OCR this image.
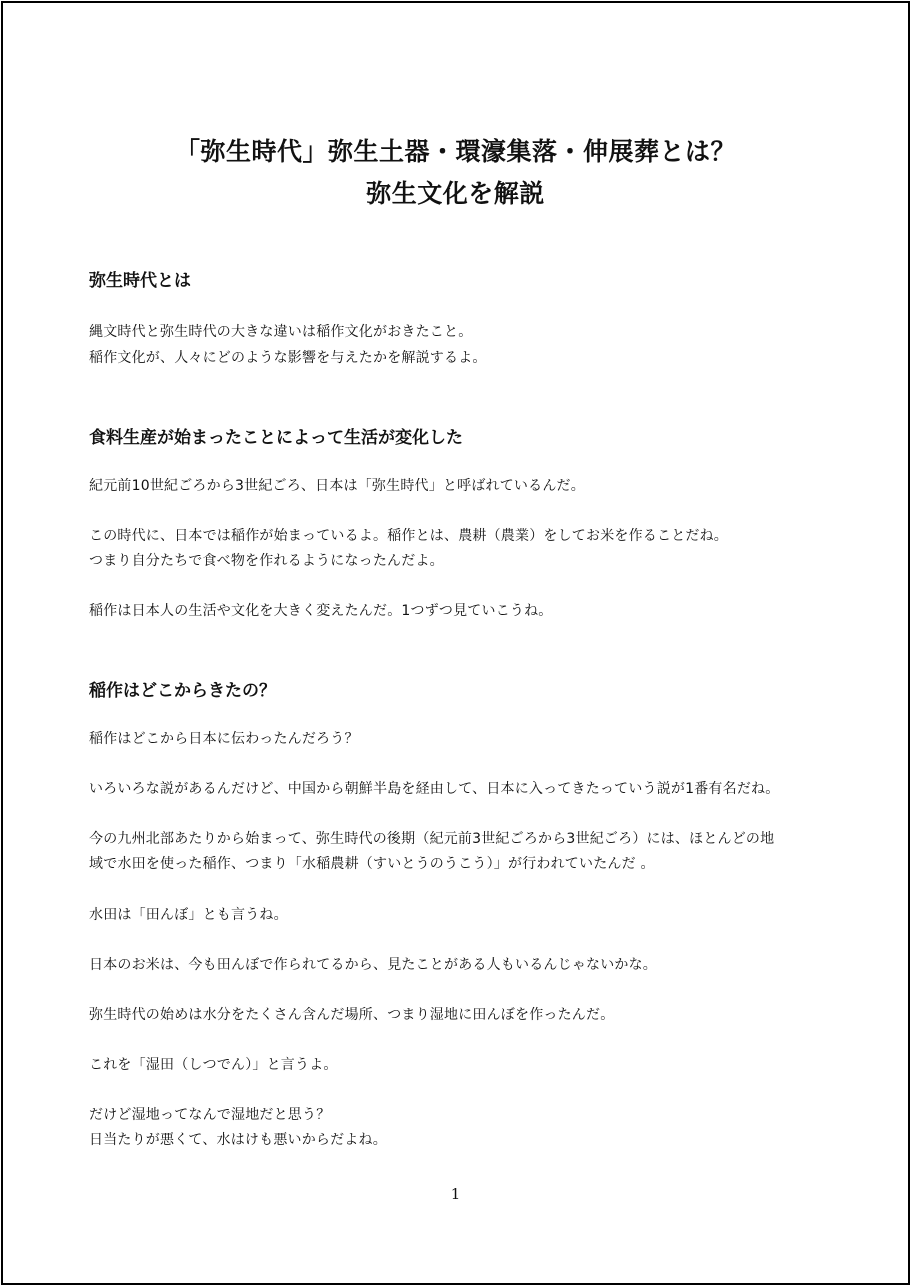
「弥生時代」弥生土器・環濠集落・伸展葬とは？
弥生文化を解説
弥生時代とは
縄文時代と弥生時代の大きな違いは稲作文化がおきたこと。
稲作文化が、人々にどのような影響を与えたかを解説するよ。
食料生産が始まったことによって生活が変化した
紀元前10世紀ごろから3世紀ごろ、日本は「弥生時代」と呼ばれているんだ。
この時代に、日本では稲作が始まっているよ。稲作とは、農耕（農業）をしてお米を作ることだね。
つまり自分たちで食べ物を作れるようになったんだよ。
稲作は日本人の生活や文化を大きく変えたんだ。1つずつ見ていこうね。
稲作はどこからきたの？
稲作はどこから日本に伝わったんだろう？
いろいろな説があるんだけど、中国から朝鮮半島を経由して、日本に入ってきたっていう説が1番有名だね。
今の九州北部あたりから始まって、弥生時代の後期（紀元前3世紀ごろから3世紀ごろ）には、ほとんどの地
域で水田を使った稲作、つまり「水稲農耕（すいとうのうこう）」が行われていたんだ 。
水田は「田んぼ」とも言うね。
日本のお米は、今も田んぼで作られてるから、見たことがある人もいるんじゃないかな。
弥生時代の始めは水分をたくさん含んだ場所、つまり湿地に田んぼを作ったんだ。
これを「湿田（しつでん）」と言うよ。
だけど湿地ってなんで湿地だと思う？
日当たりが悪くて、水はけも悪いからだよね。
1
